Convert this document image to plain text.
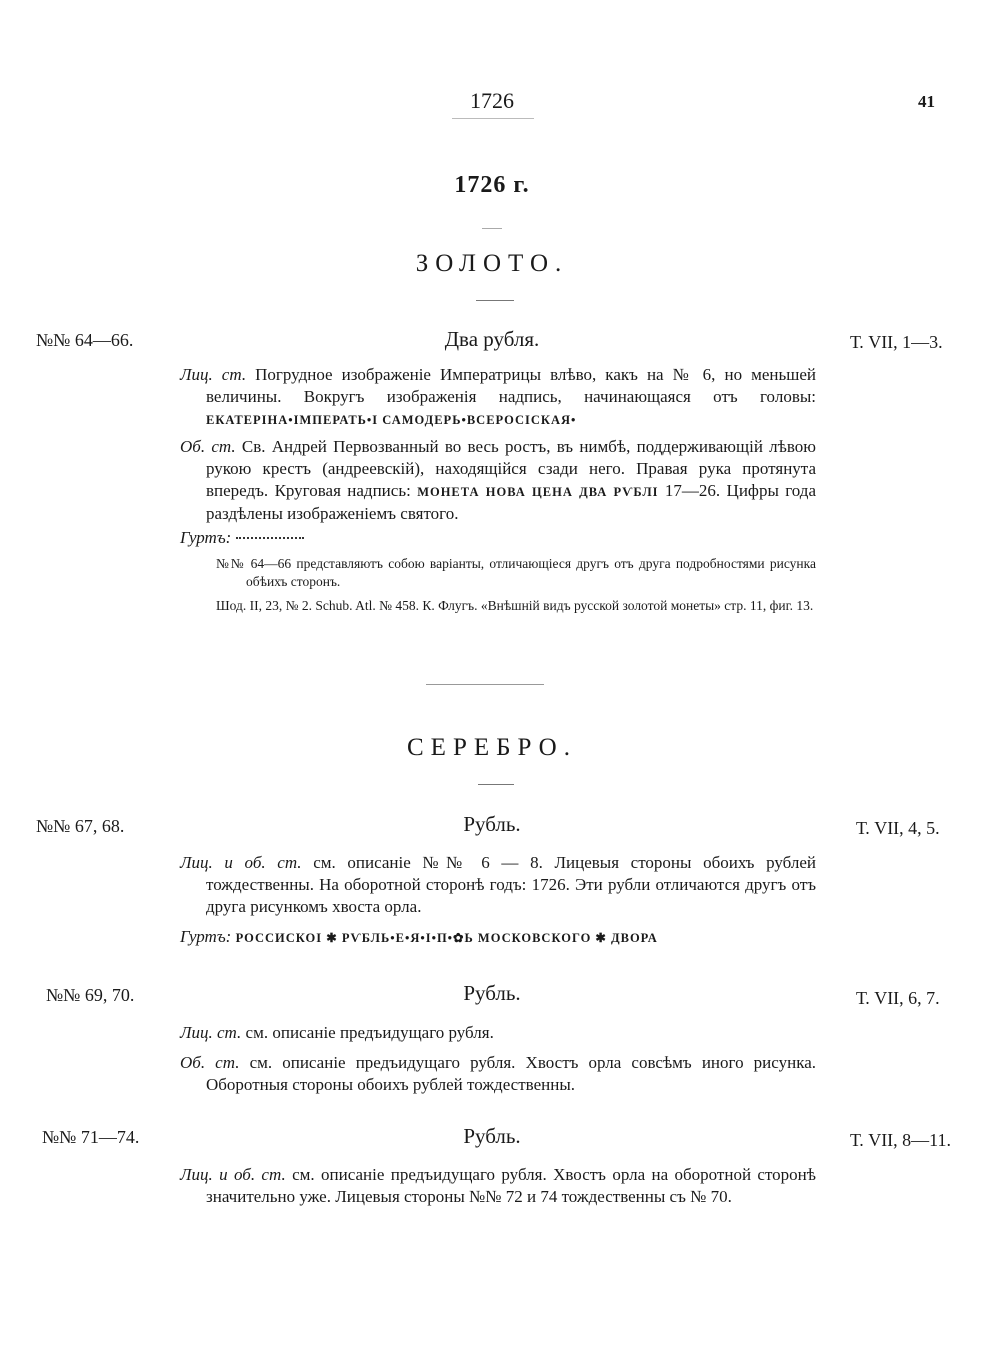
1726	41
1726 г.
ЗОЛОТО.
№№ 64—66.	Два рубля.	Т. VII, 1—3.
Лиц. ст. Погрудное изображеніе Императрицы влѣво, какъ на № 6, но меньшей величины. Вокругъ изображенія надпись, начинающаяся отъ головы: ЕКАТЕРІНА•IМПЕРАТЬ•I САМОДЕРЬ•ВСЕРОСІСКАЯ•
Об. ст. Св. Андрей Первозванный во весь ростъ, въ нимбѣ, поддерживающій лѣвою рукою крестъ (андреевскій), находящійся сзади него. Правая рука протянута впередъ. Круговая надпись: МОНЕТА НОВА ЦЕНА ДВА РѴБЛI 17—26. Цифры года раздѣлены изображеніемъ святого.
Гуртъ:
№№ 64—66 представляютъ собою варіанты, отличающіеся другъ отъ друга подробностями рисунка обѣихъ сторонъ.
Шод. II, 23, № 2. Schub. Atl. № 458. К. Флугъ. «Внѣшній видъ русской золотой монеты» стр. 11, фиг. 13.
СЕРЕБРО.
№№ 67, 68.	Рубль.	Т. VII, 4, 5.
Лиц. и об. ст. см. описаніе №№ 6 — 8. Лицевыя стороны обоихъ рублей тождественны. На оборотной сторонѣ годъ: 1726. Эти рубли отличаются другъ отъ друга рисункомъ хвоста орла.
Гуртъ: РОССИСКОI ✱ РѴБЛЬ•Е•Я•I•П•✿Ь МОСКОВСКОГО ✱ ДВОРА
№№ 69, 70.	Рубль.	Т. VII, 6, 7.
Лиц. ст. см. описаніе предъидущаго рубля.
Об. ст. см. описаніе предъидущаго рубля. Хвостъ орла совсѣмъ иного рисунка. Оборотныя стороны обоихъ рублей тождественны.
№№ 71—74.	Рубль.	Т. VII, 8—11.
Лиц. и об. ст. см. описаніе предъидущаго рубля. Хвостъ орла на оборотной сторонѣ значительно уже. Лицевыя стороны №№ 72 и 74 тождественны съ № 70.
